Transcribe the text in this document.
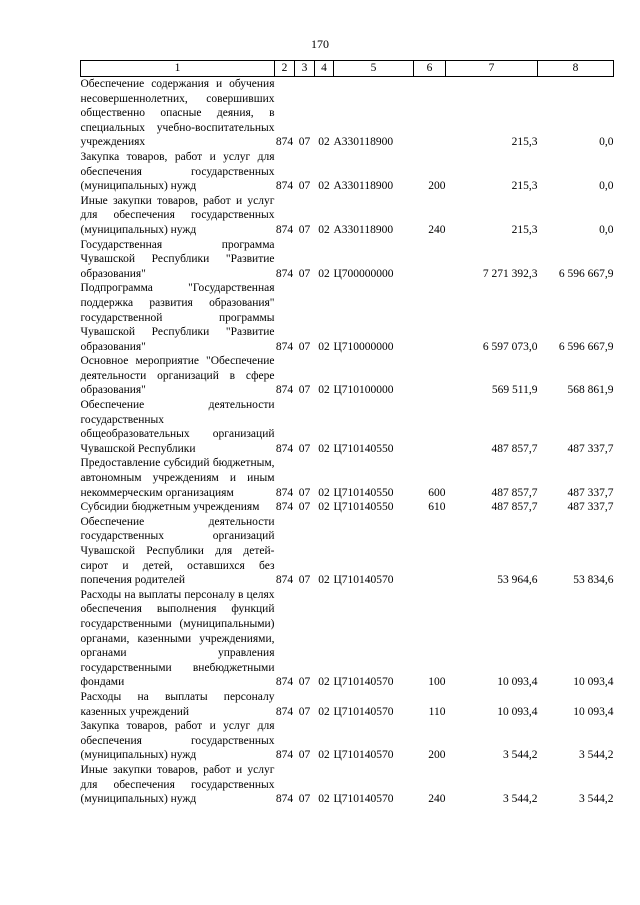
170
1	2	3	4	5	6	7	8
Обеспечение содержания и обучения несовершеннолетних, совершивших общественно опасные деяния, в специальных учебно-воспитательных учреждениях	874	07	02	А330118900		215,3	0,0
Закупка товаров, работ и услуг для обеспечения государственных (муниципальных) нужд	874	07	02	А330118900	200	215,3	0,0
Иные закупки товаров, работ и услуг для обеспечения государственных (муниципальных) нужд	874	07	02	А330118900	240	215,3	0,0
Государственная программа Чувашской Республики "Развитие образования"	874	07	02	Ц700000000		7 271 392,3	6 596 667,9
Подпрограмма "Государственная поддержка развития образования" государственной программы Чувашской Республики "Развитие образования"	874	07	02	Ц710000000		6 597 073,0	6 596 667,9
Основное мероприятие "Обеспечение деятельности организаций в сфере образования"	874	07	02	Ц710100000		569 511,9	568 861,9
Обеспечение деятельности государственных общеобразовательных организаций Чувашской Республики	874	07	02	Ц710140550		487 857,7	487 337,7
Предоставление субсидий бюджетным, автономным учреждениям и иным некоммерческим организациям	874	07	02	Ц710140550	600	487 857,7	487 337,7
Субсидии бюджетным учреждениям	874	07	02	Ц710140550	610	487 857,7	487 337,7
Обеспечение деятельности государственных организаций Чувашской Республики для детей-сирот и детей, оставшихся без попечения родителей	874	07	02	Ц710140570		53 964,6	53 834,6
Расходы на выплаты персоналу в целях обеспечения выполнения функций государственными (муниципальными) органами, казенными учреждениями, органами управления государственными внебюджетными фондами	874	07	02	Ц710140570	100	10 093,4	10 093,4
Расходы на выплаты персоналу казенных учреждений	874	07	02	Ц710140570	110	10 093,4	10 093,4
Закупка товаров, работ и услуг для обеспечения государственных (муниципальных) нужд	874	07	02	Ц710140570	200	3 544,2	3 544,2
Иные закупки товаров, работ и услуг для обеспечения государственных (муниципальных) нужд	874	07	02	Ц710140570	240	3 544,2	3 544,2
